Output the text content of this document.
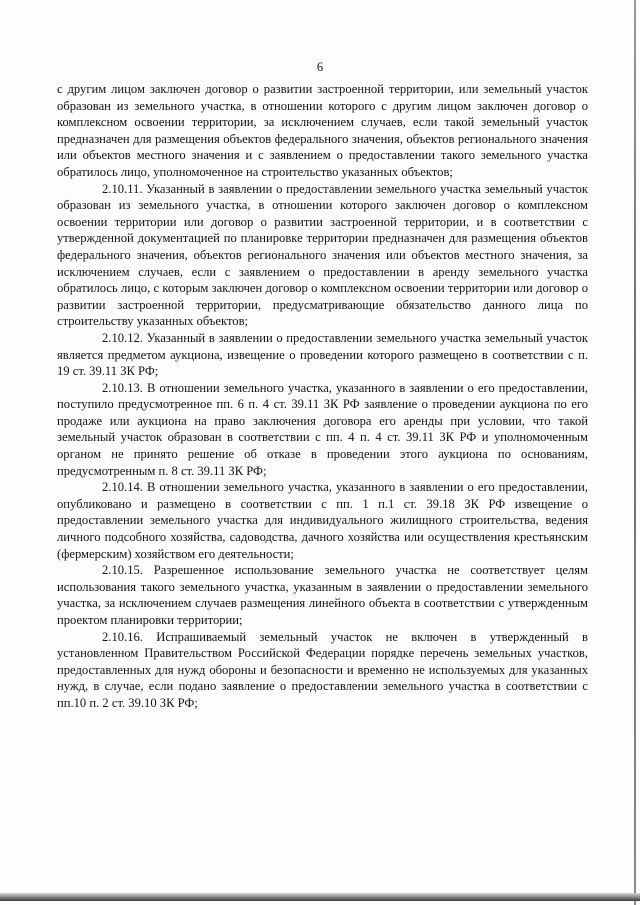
6

с другим лицом заключен договор о развитии застроенной территории, или земельный участок образован из земельного участка, в отношении которого с другим лицом заключен договор о комплексном освоении территории, за исключением случаев, если такой земельный участок предназначен для размещения объектов федерального значения, объектов регионального значения или объектов местного значения и с заявлением о предоставлении такого земельного участка обратилось лицо, уполномоченное на строительство указанных объектов;

2.10.11. Указанный в заявлении о предоставлении земельного участка земельный участок образован из земельного участка, в отношении которого заключен договор о комплексном освоении территории или договор о развитии застроенной территории, и в соответствии с утвержденной документацией по планировке территории предназначен для размещения объектов федерального значения, объектов регионального значения или объектов местного значения, за исключением случаев, если с заявлением о предоставлении в аренду земельного участка обратилось лицо, с которым заключен договор о комплексном освоении территории или договор о развитии застроенной территории, предусматривающие обязательство данного лица по строительству указанных объектов;

2.10.12. Указанный в заявлении о предоставлении земельного участка земельный участок является предметом аукциона, извещение о проведении которого размещено в соответствии с п. 19 ст. 39.11 ЗК РФ;

2.10.13. В отношении земельного участка, указанного в заявлении о его предоставлении, поступило предусмотренное пп. 6 п. 4 ст. 39.11 ЗК РФ заявление о проведении аукциона по его продаже или аукциона на право заключения договора его аренды при условии, что такой земельный участок образован в соответствии с пп. 4 п. 4 ст. 39.11 ЗК РФ и уполномоченным органом не принято решение об отказе в проведении этого аукциона по основаниям, предусмотренным п. 8 ст. 39.11 ЗК РФ;

2.10.14. В отношении земельного участка, указанного в заявлении о его предоставлении, опубликовано и размещено в соответствии с пп. 1 п.1 ст. 39.18 ЗК РФ извещение о предоставлении земельного участка для индивидуального жилищного строительства, ведения личного подсобного хозяйства, садоводства, дачного хозяйства или осуществления крестьянским (фермерским) хозяйством его деятельности;

2.10.15. Разрешенное использование земельного участка не соответствует целям использования такого земельного участка, указанным в заявлении о предоставлении земельного участка, за исключением случаев размещения линейного объекта в соответствии с утвержденным проектом планировки территории;

2.10.16. Испрашиваемый земельный участок не включен в утвержденный в установленном Правительством Российской Федерации порядке перечень земельных участков, предоставленных для нужд обороны и безопасности и временно не используемых для указанных нужд, в случае, если подано заявление о предоставлении земельного участка в соответствии с пп.10 п. 2 ст. 39.10 ЗК РФ;
